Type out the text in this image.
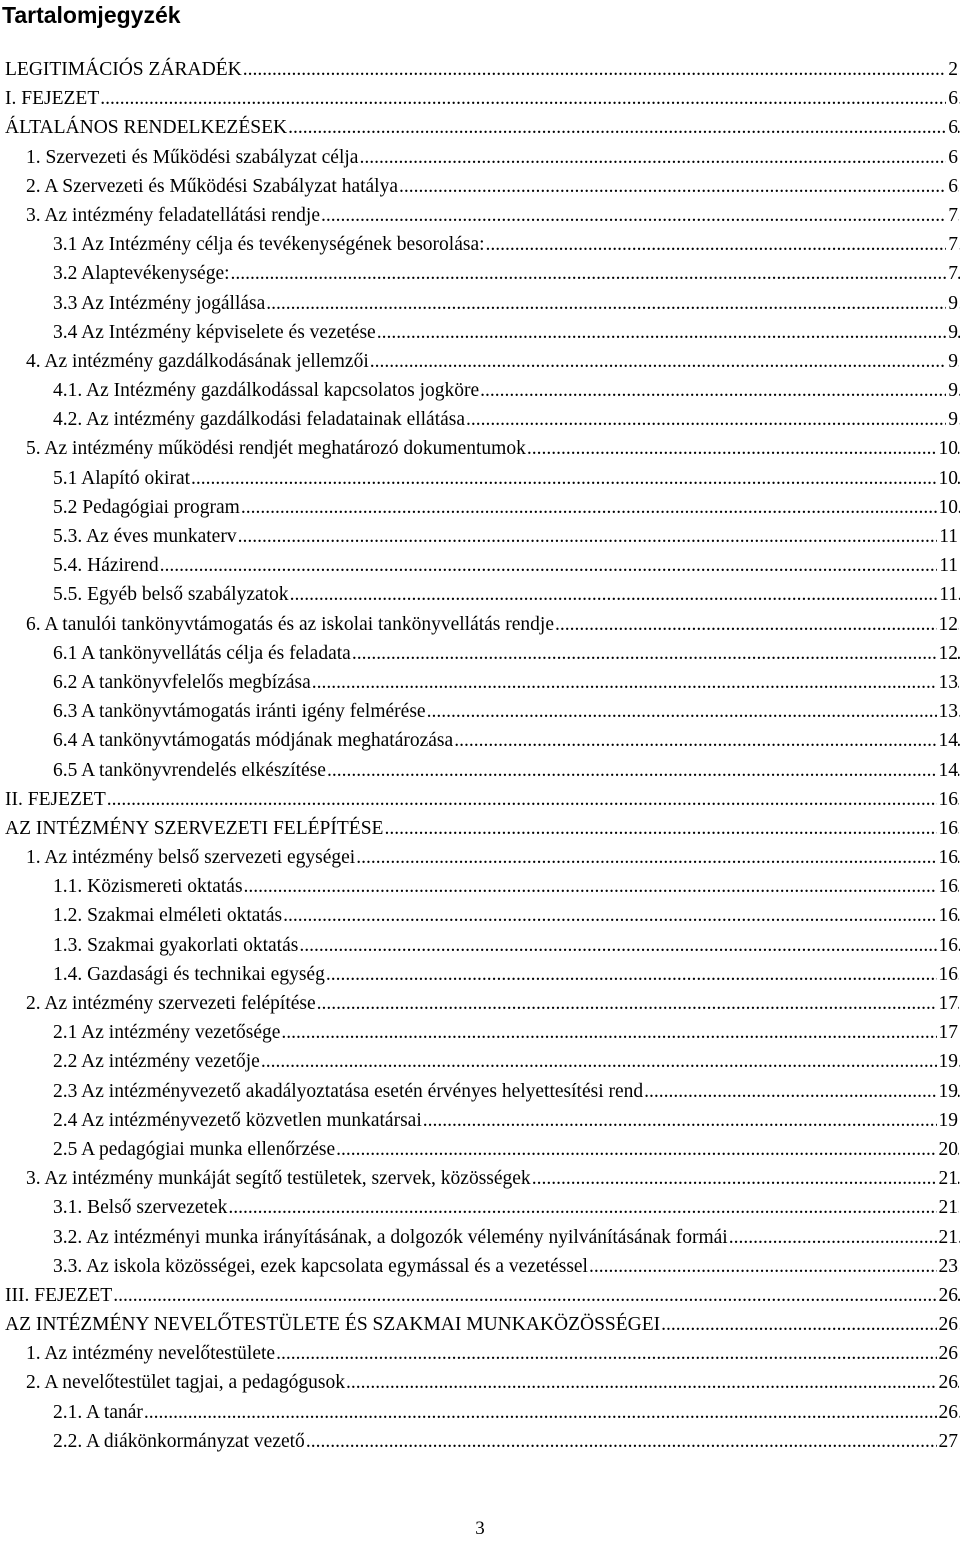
Tartalomjegyzék
LEGITIMÁCIÓS ZÁRADÉK .....	2
I. FEJEZET .....	6
ÁLTALÁNOS RENDELKEZÉSEK .....	6
1. Szervezeti és Működési szabályzat célja .....	6
2. A Szervezeti és Működési Szabályzat hatálya .....	6
3. Az intézmény feladatellátási rendje .....	7
3.1 Az Intézmény célja és tevékenységének besorolása: .....	7
3.2 Alaptevékenysége: .....	7
3.3 Az Intézmény jogállása .....	9
3.4 Az Intézmény képviselete és vezetése .....	9
4. Az intézmény gazdálkodásának jellemzői .....	9
4.1. Az Intézmény gazdálkodással kapcsolatos jogköre .....	9
4.2. Az intézmény gazdálkodási feladatainak ellátása .....	9
5. Az intézmény működési rendjét meghatározó dokumentumok .....	10
5.1 Alapító okirat .....	10
5.2 Pedagógiai program .....	10
5.3. Az éves munkaterv .....	11
5.4. Házirend .....	11
5.5. Egyéb belső szabályzatok .....	11
6. A tanulói tankönyvtámogatás és az iskolai tankönyvellátás rendje .....	12
6.1 A tankönyvellátás célja és feladata .....	12
6.2 A tankönyvfelelős megbízása .....	13
6.3 A tankönyvtámogatás iránti igény felmérése .....	13
6.4 A tankönyvtámogatás módjának meghatározása .....	14
6.5 A tankönyvrendelés elkészítése .....	14
II. FEJEZET .....	16
AZ INTÉZMÉNY SZERVEZETI FELÉPÍTÉSE .....	16
1. Az intézmény belső szervezeti egységei .....	16
1.1. Közismereti oktatás .....	16
1.2. Szakmai elméleti oktatás .....	16
1.3. Szakmai gyakorlati oktatás .....	16
1.4. Gazdasági és technikai egység .....	16
2. Az intézmény szervezeti felépítése .....	17
2.1 Az intézmény vezetősége .....	17
2.2 Az intézmény vezetője .....	19
2.3 Az intézményvezető akadályoztatása esetén érvényes helyettesítési rend .....	19
2.4 Az intézményvezető közvetlen munkatársai .....	19
2.5 A pedagógiai munka ellenőrzése .....	20
3. Az intézmény munkáját segítő testületek, szervek, közösségek .....	21
3.1. Belső szervezetek .....	21
3.2. Az intézményi munka irányításának, a dolgozók vélemény nyilvánításának formái .....	21
3.3. Az iskola közösségei, ezek kapcsolata egymással és a vezetéssel .....	23
III. FEJEZET .....	26
AZ INTÉZMÉNY NEVELŐTESTÜLETE ÉS SZAKMAI MUNKAKÖZÖSSÉGEI .....	26
1. Az intézmény nevelőtestülete .....	26
2. A nevelőtestület tagjai, a pedagógusok .....	26
2.1. A tanár .....	26
2.2. A diákönkormányzat vezető .....	27
3
